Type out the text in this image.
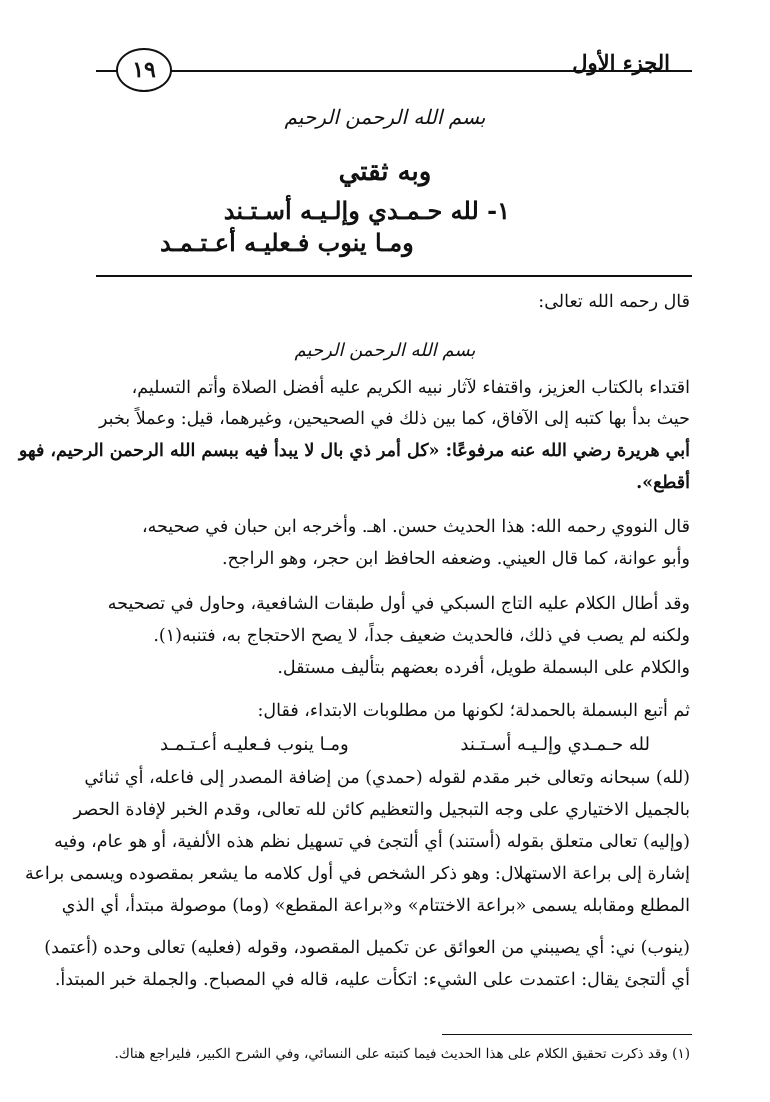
الجزء الأول
١٩
بسم الله الرحمن الرحيم
وبه ثقتي
١- لله حـمـدي وإلـيـه أسـتـند
ومـا ينوب فـعليـه أعـتـمـد
قال رحمه الله تعالى:
بسم الله الرحمن الرحيم
اقتداء بالكتاب العزيز، واقتفاء لآثار نبيه الكريم عليه أفضل الصلاة وأتم التسليم،
حيث بدأ بها كتبه إلى الآفاق، كما بين ذلك في الصحيحين، وغيرهما، قيل: وعملاً بخبر
أبي هريرة رضي الله عنه مرفوعًا: «كل أمر ذي بال لا يبدأ فيه ببسم الله الرحمن الرحيم، فهو
أقطع».
قال النووي رحمه الله: هذا الحديث حسن. اهـ. وأخرجه ابن حبان في صحيحه،
وأبو عوانة، كما قال العيني. وضعفه الحافظ ابن حجر، وهو الراجح.
وقد أطال الكلام عليه التاج السبكي في أول طبقات الشافعية، وحاول في تصحيحه
ولكنه لم يصب في ذلك، فالحديث ضعيف جداً، لا يصح الاحتجاج به، فتنبه(١).
والكلام على البسملة طويل، أفرده بعضهم بتأليف مستقل.
ثم أتبع البسملة بالحمدلة؛ لكونها من مطلوبات الابتداء، فقال:
لله حـمـدي وإلـيـه أسـتـند
ومـا ينوب فـعليـه أعـتـمـد
(لله) سبحانه وتعالى خبر مقدم لقوله (حمدي) من إضافة المصدر إلى فاعله، أي ثنائي
بالجميل الاختياري على وجه التبجيل والتعظيم كائن لله تعالى، وقدم الخبر لإفادة الحصر
(وإليه) تعالى متعلق بقوله (أستند) أي ألتجئ في تسهيل نظم هذه الألفية، أو هو عام، وفيه
إشارة إلى براعة الاستهلال: وهو ذكر الشخص في أول كلامه ما يشعر بمقصوده ويسمى براعة
المطلع ومقابله يسمى «براعة الاختتام» و«براعة المقطع» (وما) موصولة مبتدأ، أي الذي
(ينوب) ني: أي يصيبني من العوائق عن تكميل المقصود، وقوله (فعليه) تعالى وحده (أعتمد)
أي ألتجئ يقال: اعتمدت على الشيء: اتكأت عليه، قاله في المصباح. والجملة خبر المبتدأ.
(١) وقد ذكرت تحقيق الكلام على هذا الحديث فيما كتبته على النسائي، وفي الشرح الكبير، فليراجع هناك.
